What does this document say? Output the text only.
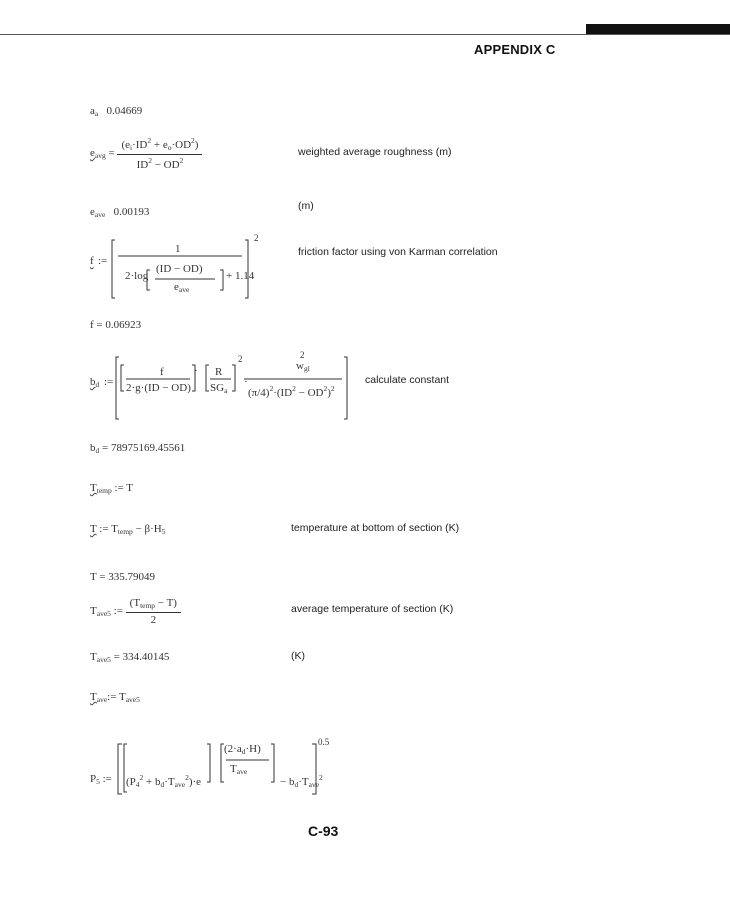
APPENDIX C
$a_a$ 0.04669
$e_{avg} = \frac{(e_i\cdot ID^2 + e_o\cdot OD^2)}{ID^2 - OD^2}$	weighted average roughness (m)
(m)
$e_{ave}$ 0.00193
f :=
1
2·log
(ID − OD)
$e_{ave}$
+ 1.14
2
friction factor using von Karman correlation
f = 0.06923
$b_d$ :=
f
2·g·(ID − OD)
· R
$SG_a$
2
·
$w_{gl}$
2
$(\pi/4)^2\cdot(ID^2 - OD^2)^2$
calculate constant
$b_d = 78975169.45561$
$T_{temp}$ := T
T := $T_{temp} - \beta\cdot H_5$	temperature at bottom of section (K)
T = 335.79049
$T_{ave5}$ := $\frac{(T_{temp} - T)}{2}$	average temperature of section (K)
$T_{ave5} = 334.40145$	(K)
$T_{ave}:= T_{ave5}$
$P_5$ := $(P_4^2 + b_d\cdot T_{ave}^2)\cdot e$
$(2\cdot a_d\cdot H)$
$T_{ave}$
− $b_d\cdot T_{ave}^2$
0.5
C-93
